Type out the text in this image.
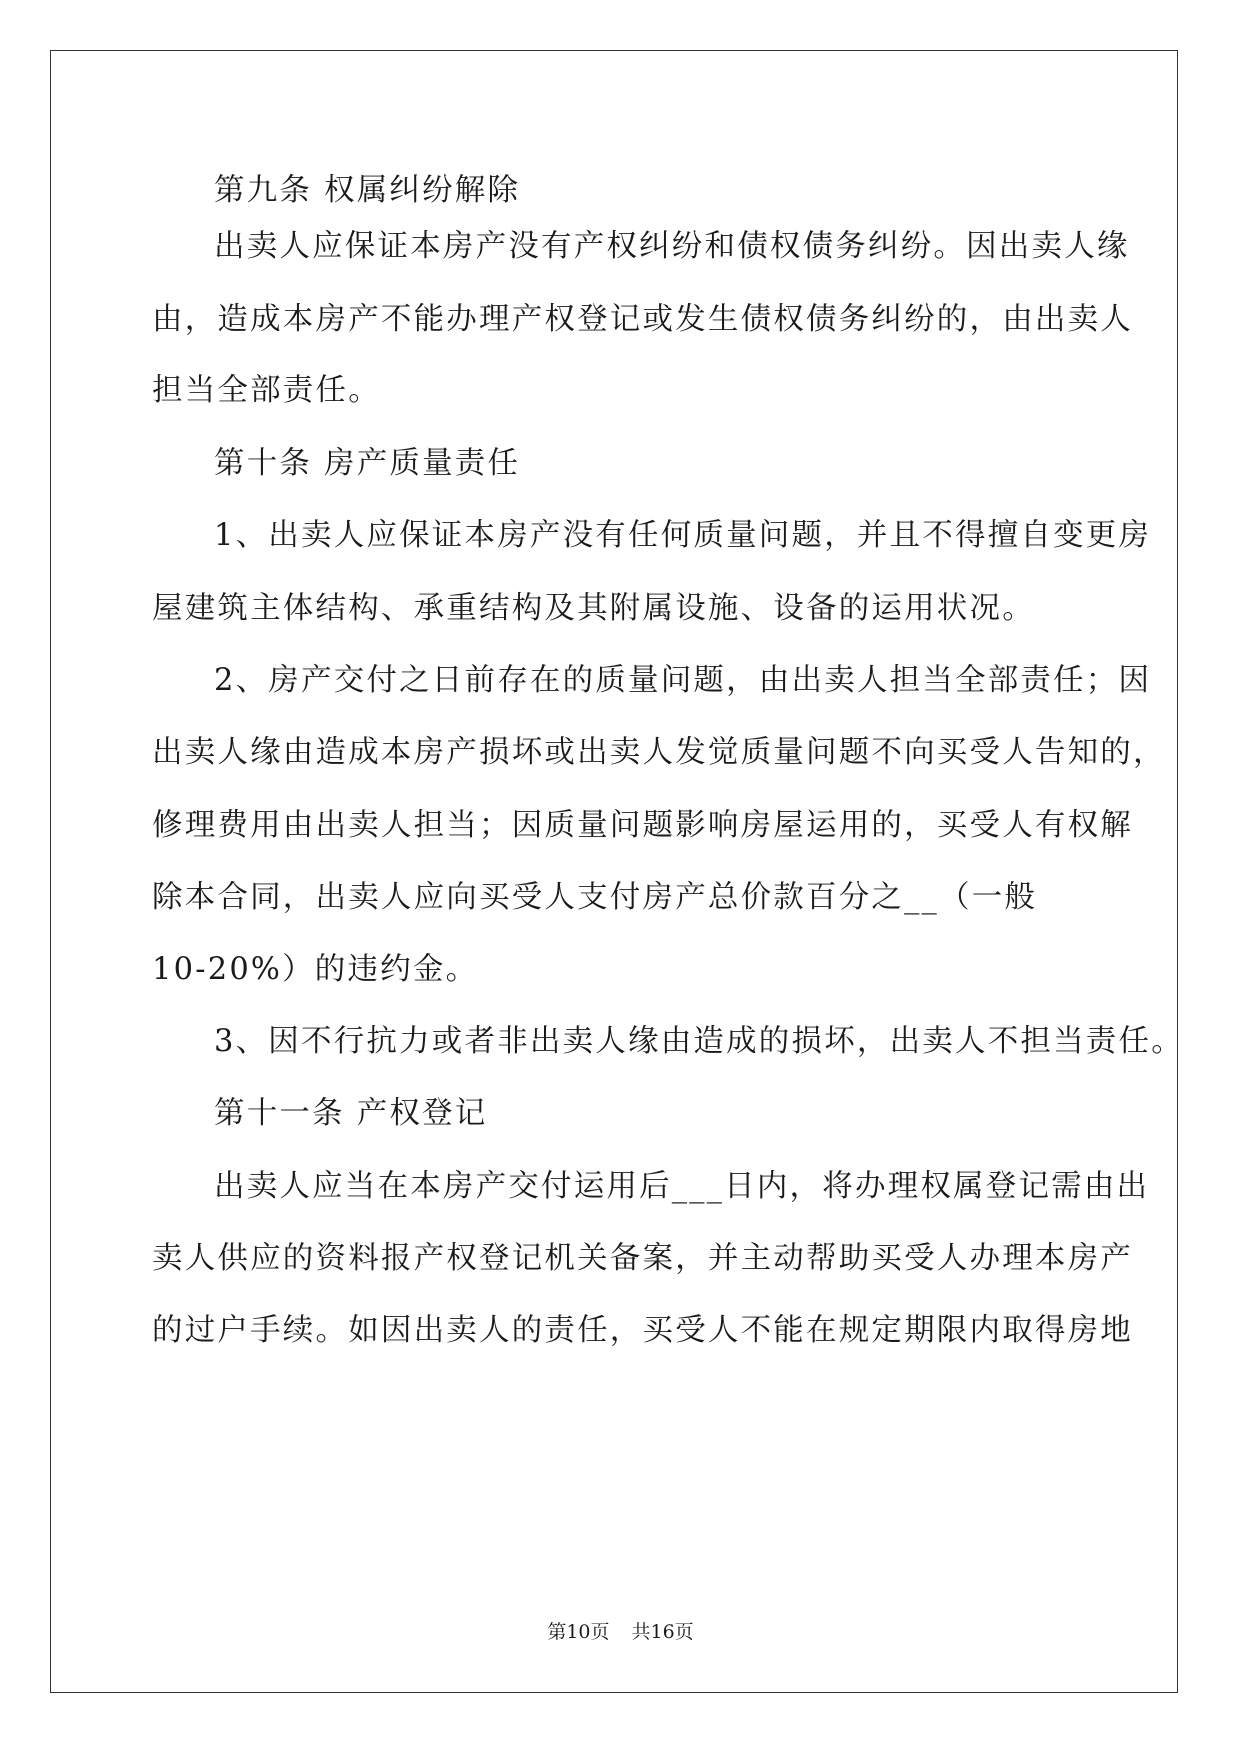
第九条 权属纠纷解除
出卖人应保证本房产没有产权纠纷和债权债务纠纷。因出卖人缘
由，造成本房产不能办理产权登记或发生债权债务纠纷的，由出卖人
担当全部责任。
第十条 房产质量责任
1、出卖人应保证本房产没有任何质量问题，并且不得擅自变更房
屋建筑主体结构、承重结构及其附属设施、设备的运用状况。
2、房产交付之日前存在的质量问题，由出卖人担当全部责任；因
出卖人缘由造成本房产损坏或出卖人发觉质量问题不向买受人告知的，
修理费用由出卖人担当；因质量问题影响房屋运用的，买受人有权解
除本合同，出卖人应向买受人支付房产总价款百分之__（一般
10-20%）的违约金。
3、因不行抗力或者非出卖人缘由造成的损坏，出卖人不担当责任。
第十一条 产权登记
出卖人应当在本房产交付运用后___日内，将办理权属登记需由出
卖人供应的资料报产权登记机关备案，并主动帮助买受人办理本房产
的过户手续。如因出卖人的责任，买受人不能在规定期限内取得房地
第10页 共16页
